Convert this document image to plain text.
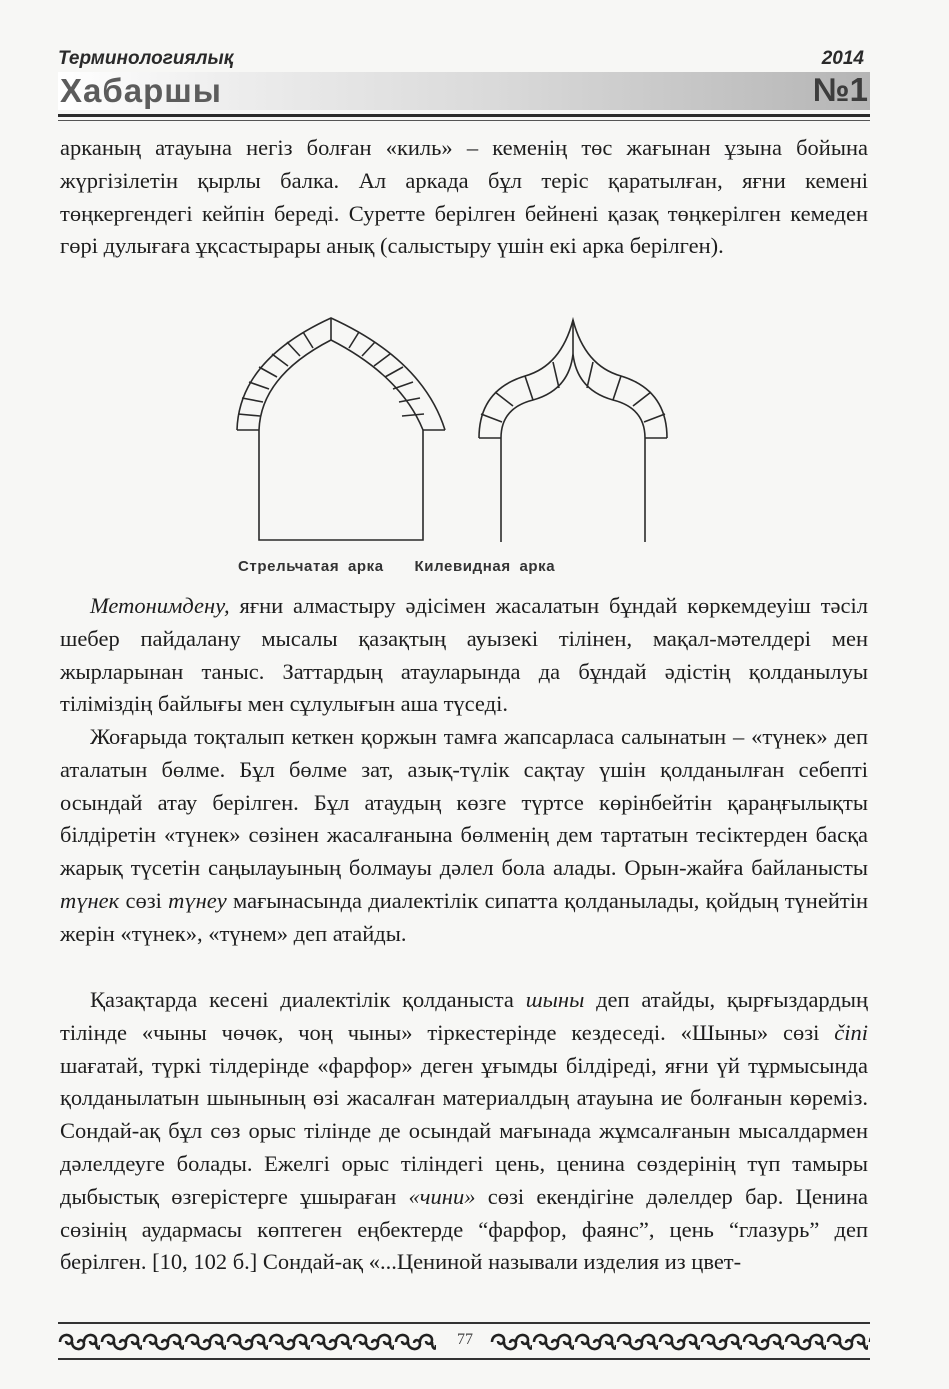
Терминологиялық	2014
Хабаршы	№1

арканың атауына негіз болған «киль» – кеменің төс жағынан ұзына бойына жүргізілетін қырлы балка. Ал аркада бұл теріс қаратылған, яғни кемені төңкергендегі кейпін береді. Суретте берілген бейнені қазақ төңкерілген кемеден гөрі дулығаға ұқсастырары анық (салыстыру үшін екі арка берілген).

Стрельчатая арка Килевидная арка

Метонимдену, яғни алмастыру әдісімен жасалатын бұндай көркемдеуіш тәсіл шебер пайдалану мысалы қазақтың ауызекі тілінен, мақал-мәтелдері мен жырларынан таныс. Заттардың атауларында да бұндай әдістің қолданылуы тіліміздің байлығы мен сұлулығын аша түседі.

Жоғарыда тоқталып кеткен қоржын тамға жапсарласа салынатын – «түнек» деп аталатын бөлме. Бұл бөлме зат, азық-түлік сақтау үшін қолданылған себепті осындай атау берілген. Бұл атаудың көзге түртсе көрінбейтін қараңғылықты білдіретін «түнек» сөзінен жасалғанына бөлменің дем тартатын тесіктерден басқа жарық түсетін саңылауының болмауы дәлел бола алады. Орын-жайға байланысты түнек сөзі түнеу мағынасында диалектілік сипатта қолданылады, қойдың түнейтін жерін «түнек», «түнем» деп атайды.

Қазақтарда кесені диалектілік қолданыста шыны деп атайды, қырғыздардың тілінде «чыны чөчөк, чоң чыны» тіркестерінде кездеседі. «Шыны» сөзі čini шағатай, түркі тілдерінде «фарфор» деген ұғымды білдіреді, яғни үй тұрмысында қолданылатын шынының өзі жасалған материалдың атауына ие болғанын көреміз. Сондай-ақ бұл сөз орыс тілінде де осындай мағынада жұмсалғанын мысалдармен дәлелдеуге болады. Ежелгі орыс тіліндегі цень, ценина сөздерінің түп тамыры дыбыстық өзгерістерге ұшыраған «чини» сөзі екендігіне дәлелдер бар. Ценина сөзінің аудармасы көптеген еңбектерде “фарфор, фаянс”, цень “глазурь” деп берілген. [10, 102 б.] Сондай-ақ «...Цениной называли изделия из цвет-

77
